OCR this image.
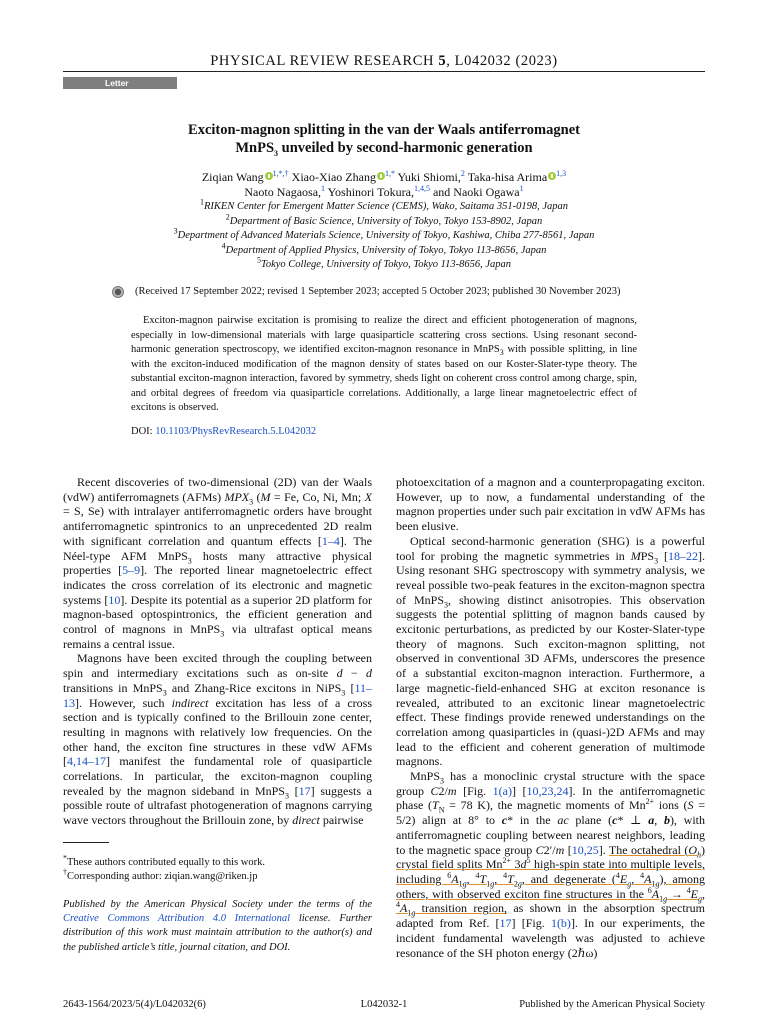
PHYSICAL REVIEW RESEARCH 5, L042032 (2023)
Letter
Exciton-magnon splitting in the van der Waals antiferromagnet
MnPS$_3$ unveiled by second-harmonic generation
Ziqian Wang $^{1,*,\dagger}$ Xiao-Xiao Zhang $^{1,*}$ Yuki Shiomi,$^2$ Taka-hisa Arima $^{1,3}$
Naoto Nagaosa,$^1$ Yoshinori Tokura,$^{1,4,5}$ and Naoki Ogawa$^1$
$^1$RIKEN Center for Emergent Matter Science (CEMS), Wako, Saitama 351-0198, Japan
$^2$Department of Basic Science, University of Tokyo, Tokyo 153-8902, Japan
$^3$Department of Advanced Materials Science, University of Tokyo, Kashiwa, Chiba 277-8561, Japan
$^4$Department of Applied Physics, University of Tokyo, Tokyo 113-8656, Japan
$^5$Tokyo College, University of Tokyo, Tokyo 113-8656, Japan
(Received 17 September 2022; revised 1 September 2023; accepted 5 October 2023; published 30 November 2023)
Exciton-magnon pairwise excitation is promising to realize the direct and efficient photogeneration of magnons, especially in low-dimensional materials with large quasiparticle scattering cross sections. Using resonant second-harmonic generation spectroscopy, we identified exciton-magnon resonance in MnPS$_3$ with possible splitting, in line with the exciton-induced modification of the magnon density of states based on our Koster-Slater-type theory. The substantial exciton-magnon interaction, favored by symmetry, sheds light on coherent cross control among charge, spin, and orbital degrees of freedom via quasiparticle correlations. Additionally, a large linear magnetoelectric effect of excitons is observed.
DOI: 10.1103/PhysRevResearch.5.L042032

Recent discoveries of two-dimensional (2D) van der Waals (vdW) antiferromagnets (AFMs) $MPX_3$ (M = Fe, Co, Ni, Mn; X = S, Se) with intralayer antiferromagnetic orders have brought antiferromagnetic spintronics to an unprecedented 2D realm with significant correlation and quantum effects [1–4]. The Néel-type AFM MnPS$_3$ hosts many attractive physical properties [5–9]. The reported linear magnetoelectric effect indicates the cross correlation of its electronic and magnetic systems [10]. Despite its potential as a superior 2D platform for magnon-based optospintronics, the efficient generation and control of magnons in MnPS$_3$ via ultrafast optical means remains a central issue.

Magnons have been excited through the coupling between spin and intermediary excitations such as on-site d − d transitions in MnPS$_3$ and Zhang-Rice excitons in NiPS$_3$ [11–13]. However, such indirect excitation has less of a cross section and is typically confined to the Brillouin zone center, resulting in magnons with relatively low frequencies. On the other hand, the exciton fine structures in these vdW AFMs [4,14–17] manifest the fundamental role of quasiparticle correlations. In particular, the exciton-magnon coupling revealed by the magnon sideband in MnPS$_3$ [17] suggests a possible route of ultrafast photogeneration of magnons carrying wave vectors throughout the Brillouin zone, by direct pairwise

photoexcitation of a magnon and a counterpropagating exciton. However, up to now, a fundamental understanding of the magnon properties under such pair excitation in vdW AFMs has been elusive.

Optical second-harmonic generation (SHG) is a powerful tool for probing the magnetic symmetries in $MPS_3$ [18–22]. Using resonant SHG spectroscopy with symmetry analysis, we reveal possible two-peak features in the exciton-magnon spectra of MnPS$_3$, showing distinct anisotropies. This observation suggests the potential splitting of magnon bands caused by excitonic perturbations, as predicted by our Koster-Slater-type theory of magnons. Such exciton-magnon splitting, not observed in conventional 3D AFMs, underscores the presence of a substantial exciton-magnon interaction. Furthermore, a large magnetic-field-enhanced SHG at exciton resonance is revealed, attributed to an excitonic linear magnetoelectric effect. These findings provide renewed understandings on the correlation among quasiparticles in (quasi-)2D AFMs and may lead to the efficient and coherent generation of multimode magnons.

MnPS$_3$ has a monoclinic crystal structure with the space group C2/m [Fig. 1(a)] [10,23,24]. In the antiferromagnetic phase ($T_N = 78$ K), the magnetic moments of $Mn^{2+}$ ions (S = 5/2) align at 8° to c* in the ac plane (c* ⊥ a, b), with antiferromagnetic coupling between nearest neighbors, leading to the magnetic space group C2′/m [10,25]. The octahedral $(O_h)$ crystal field splits $Mn^{2+}$ $3d^5$ high-spin state into multiple levels, including $^6A_{1g}$, $^4T_{1g}$, $^4T_{2g}$, and degenerate ($^4E_g$, $^4A_{1g}$), among others, with observed exciton fine structures in the $^6A_{1g} \to ^4E_g$, $^4A_{1g}$ transition region, as shown in the absorption spectrum adapted from Ref. [17] [Fig. 1(b)]. In our experiments, the incident fundamental wavelength was adjusted to achieve resonance of the SH photon energy (2ℏω)

*These authors contributed equally to this work.
†Corresponding author: ziqian.wang@riken.jp
Published by the American Physical Society under the terms of the Creative Commons Attribution 4.0 International license. Further distribution of this work must maintain attribution to the author(s) and the published article’s title, journal citation, and DOI.
2643-1564/2023/5(4)/L042032(6)	L042032-1	Published by the American Physical Society
